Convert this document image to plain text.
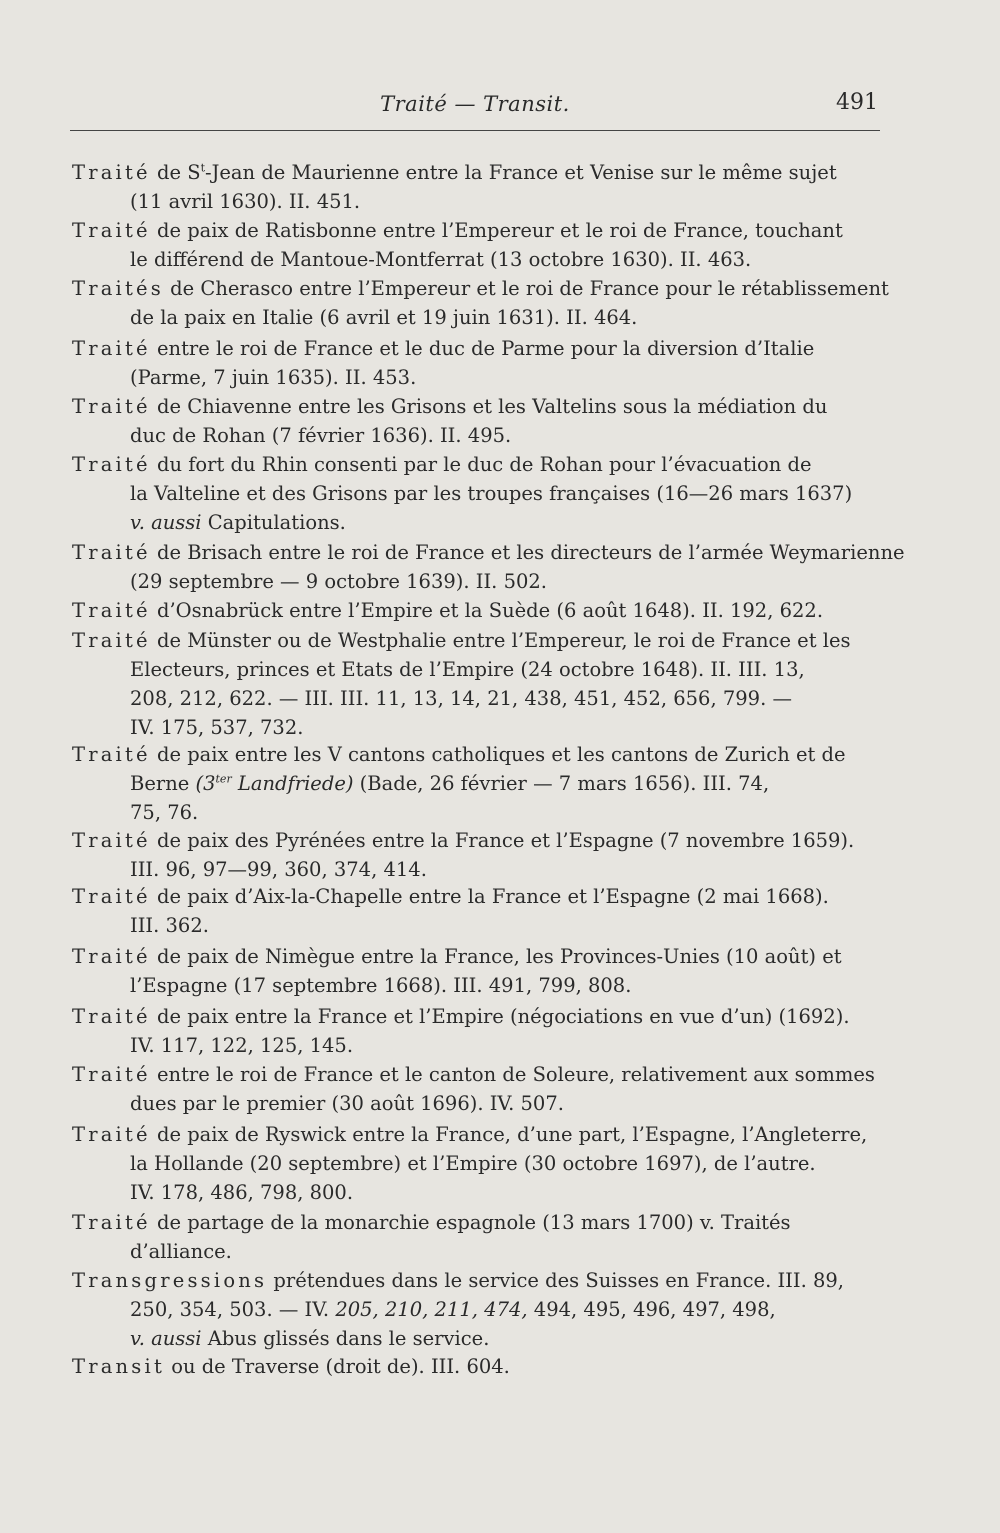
Traité — Transit.	491
Traité de $S^t$-Jean de Maurienne entre la France et Venise sur le même sujet
(11 avril 1630). II. 451.
Traité de paix de Ratisbonne entre l’Empereur et le roi de France, touchant
le différend de Mantoue-Montferrat (13 octobre 1630). II. 463.
Traités de Cherasco entre l’Empereur et le roi de France pour le rétablissement
de la paix en Italie (6 avril et 19 juin 1631). II. 464.
Traité entre le roi de France et le duc de Parme pour la diversion d’Italie
(Parme, 7 juin 1635). II. 453.
Traité de Chiavenne entre les Grisons et les Valtelins sous la médiation du
duc de Rohan (7 février 1636). II. 495.
Traité du fort du Rhin consenti par le duc de Rohan pour l’évacuation de
la Valteline et des Grisons par les troupes françaises (16—26 mars 1637)
v. aussi Capitulations.
Traité de Brisach entre le roi de France et les directeurs de l’armée Weymarienne
(29 septembre — 9 octobre 1639). II. 502.
Traité d’Osnabrück entre l’Empire et la Suède (6 août 1648). II. 192, 622.
Traité de Münster ou de Westphalie entre l’Empereur, le roi de France et les
Electeurs, princes et Etats de l’Empire (24 octobre 1648). II. III. 13,
208, 212, 622. — III. III. 11, 13, 14, 21, 438, 451, 452, 656, 799. —
IV. 175, 537, 732.
Traité de paix entre les V cantons catholiques et les cantons de Zurich et de
Berne ($3^{ter}$ Landfriede) (Bade, 26 février — 7 mars 1656). III. 74,
75, 76.
Traité de paix des Pyrénées entre la France et l’Espagne (7 novembre 1659).
III. 96, 97—99, 360, 374, 414.
Traité de paix d’Aix-la-Chapelle entre la France et l’Espagne (2 mai 1668).
III. 362.
Traité de paix de Nimègue entre la France, les Provinces-Unies (10 août) et
l’Espagne (17 septembre 1668). III. 491, 799, 808.
Traité de paix entre la France et l’Empire (négociations en vue d’un) (1692).
IV. 117, 122, 125, 145.
Traité entre le roi de France et le canton de Soleure, relativement aux sommes
dues par le premier (30 août 1696). IV. 507.
Traité de paix de Ryswick entre la France, d’une part, l’Espagne, l’Angleterre,
la Hollande (20 septembre) et l’Empire (30 octobre 1697), de l’autre.
IV. 178, 486, 798, 800.
Traité de partage de la monarchie espagnole (13 mars 1700) v. Traités
d’alliance.
Transgressions prétendues dans le service des Suisses en France. III. 89,
250, 354, 503. — IV. 205, 210, 211, 474, 494, 495, 496, 497, 498,
v. aussi Abus glissés dans le service.
Transit ou de Traverse (droit de). III. 604.
